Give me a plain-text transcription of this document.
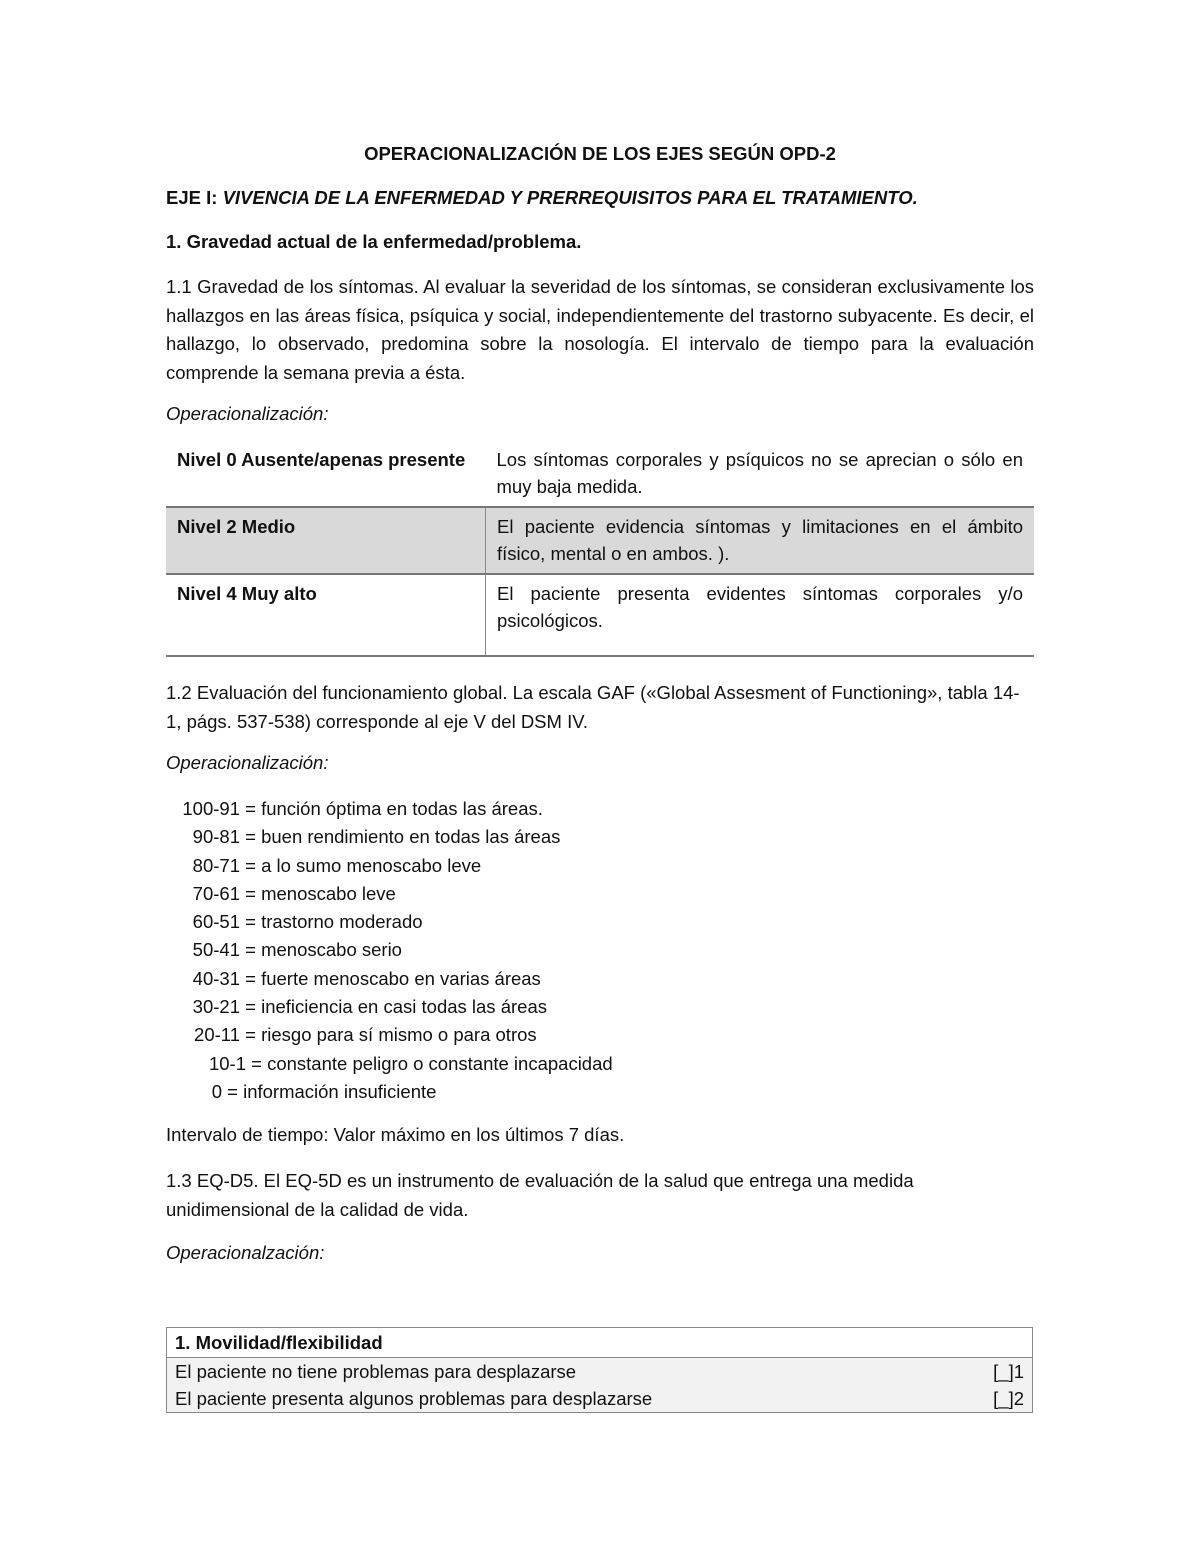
OPERACIONALIZACIÓN DE LOS EJES SEGÚN OPD-2
EJE I: VIVENCIA DE LA ENFERMEDAD Y PRERREQUISITOS PARA EL TRATAMIENTO.
1. Gravedad actual de la enfermedad/problema.
1.1 Gravedad de los síntomas. Al evaluar la severidad de los síntomas, se consideran exclusivamente los hallazgos en las áreas física, psíquica y social, independientemente del trastorno subyacente. Es decir, el hallazgo, lo observado, predomina sobre la nosología. El intervalo de tiempo para la evaluación comprende la semana previa a ésta.
Operacionalización:
Nivel 0 Ausente/apenas presente	Los síntomas corporales y psíquicos no se aprecian o sólo en muy baja medida.
Nivel 2 Medio	El paciente evidencia síntomas y limitaciones en el ámbito físico, mental o en ambos. ).
Nivel 4 Muy alto	El paciente presenta evidentes síntomas corporales y/o psicológicos.
1.2 Evaluación del funcionamiento global. La escala GAF («Global Assesment of Functioning», tabla 14-1, págs. 537-538) corresponde al eje V del DSM IV.
Operacionalización:
100-91 = función óptima en todas las áreas.
90-81 = buen rendimiento en todas las áreas
80-71 = a lo sumo menoscabo leve
70-61 = menoscabo leve
60-51 = trastorno moderado
50-41 = menoscabo serio
40-31 = fuerte menoscabo en varias áreas
30-21 = ineficiencia en casi todas las áreas
20-11 = riesgo para sí mismo o para otros
10-1 = constante peligro o constante incapacidad
0 = información insuficiente
Intervalo de tiempo: Valor máximo en los últimos 7 días.
1.3 EQ-D5. El EQ-5D es un instrumento de evaluación de la salud que entrega una medida unidimensional de la calidad de vida.
Operacionalzación:
1. Movilidad/flexibilidad	
El paciente no tiene problemas para desplazarse	[_]1
El paciente presenta algunos problemas para desplazarse	[_]2
